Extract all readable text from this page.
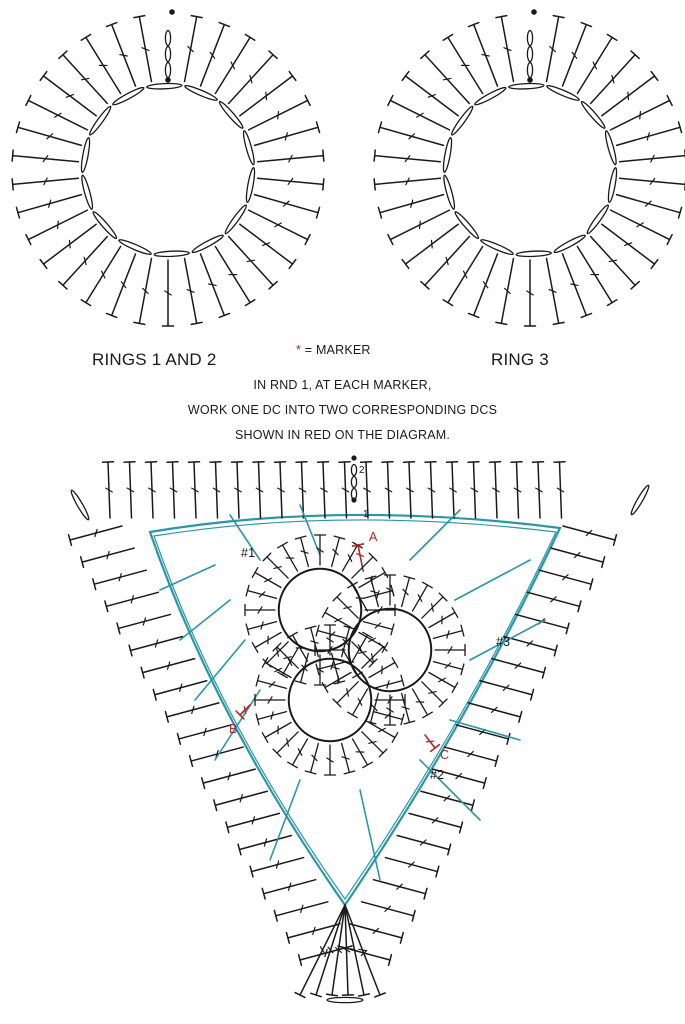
RINGS 1 AND 2	* = MARKER	RING 3
IN RND 1, AT EACH MARKER,
WORK ONE DC INTO TWO CORRESPONDING DCS
SHOWN IN RED ON THE DIAGRAM.
#1
#2
#3
A
B
C
2
1
